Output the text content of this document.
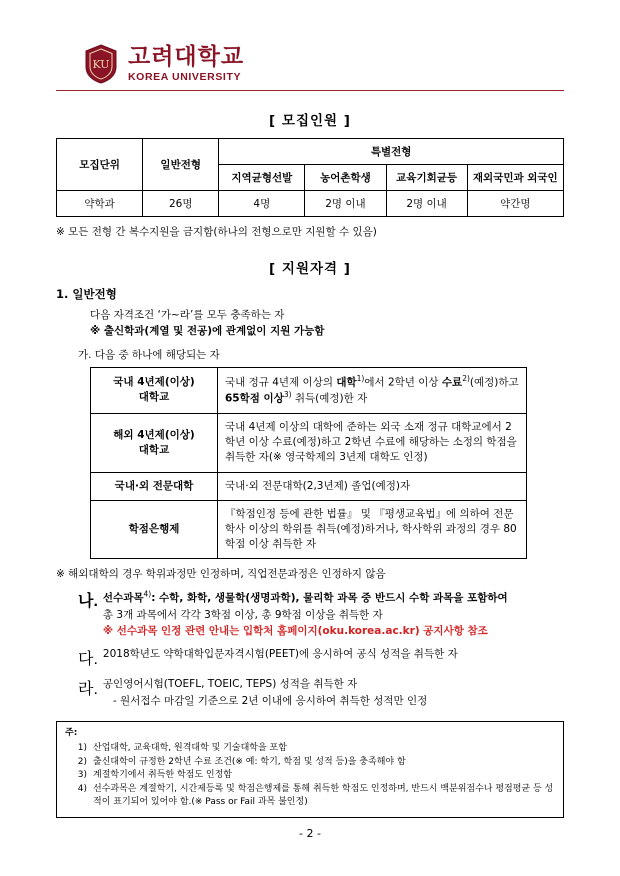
KU 고려대학교
KOREA UNIVERSITY
[ 모집인원 ]
모집단위	일반전형	특별전형			
		지역균형선발	농어촌학생	교육기회균등	재외국민과 외국인
약학과	26명	4명	2명 이내	2명 이내	약간명
※ 모든 전형 간 복수지원을 금지함(하나의 전형으로만 지원할 수 있음)
[ 지원자격 ]
1. 일반전형
다음 자격조건 ‘가~라’를 모두 충족하는 자
※ 출신학과(계열 및 전공)에 관계없이 지원 가능함
가. 다음 중 하나에 해당되는 자
국내 4년제(이상)
대학교	국내 정규 4년제 이상의 대학$^{1)}$에서 2학년 이상 수료$^{2)}$(예정)하고 65학점 이상$^{3)}$ 취득(예정)한 자
해외 4년제(이상)
대학교	국내 4년제 이상의 대학에 준하는 외국 소재 정규 대학교에서 2학년 이상 수료(예정)하고 2학년 수료에 해당하는 소정의 학점을 취득한 자(※ 영국학제의 3년제 대학도 인정)
국내·외 전문대학	국내·외 전문대학(2,3년제) 졸업(예정)자
학점은행제	『학점인정 등에 관한 법률』 및 『평생교육법』에 의하여 전문학사 이상의 학위를 취득(예정)하거나, 학사학위 과정의 경우 80학점 이상 취득한 자
※ 해외대학의 경우 학위과정만 인정하며, 직업전문과정은 인정하지 않음
나. 선수과목$^{4)}$: 수학, 화학, 생물학(생명과학), 물리학 과목 중 반드시 수학 과목을 포함하여
총 3개 과목에서 각각 3학점 이상, 총 9학점 이상을 취득한 자
※ 선수과목 인정 관련 안내는 입학처 홈페이지(oku.korea.ac.kr) 공지사항 참조
다. 2018학년도 약학대학입문자격시험(PEET)에 응시하여 공식 성적을 취득한 자
라. 공인영어시험(TOEFL, TOEIC, TEPS) 성적을 취득한 자
- 원서접수 마감일 기준으로 2년 이내에 응시하여 취득한 성적만 인정
주:
1) 산업대학, 교육대학, 원격대학 및 기술대학을 포함
2) 출신대학이 규정한 2학년 수료 조건(※ 예: 학기, 학점 및 성적 등)을 충족해야 함
3) 계절학기에서 취득한 학점도 인정함
4) 선수과목은 계절학기, 시간제등록 및 학점은행제를 통해 취득한 학점도 인정하며, 반드시 백분위점수나 평점평균 등 성적이 표기되어 있어야 함.(※ Pass or Fail 과목 불인정)
- 2 -
